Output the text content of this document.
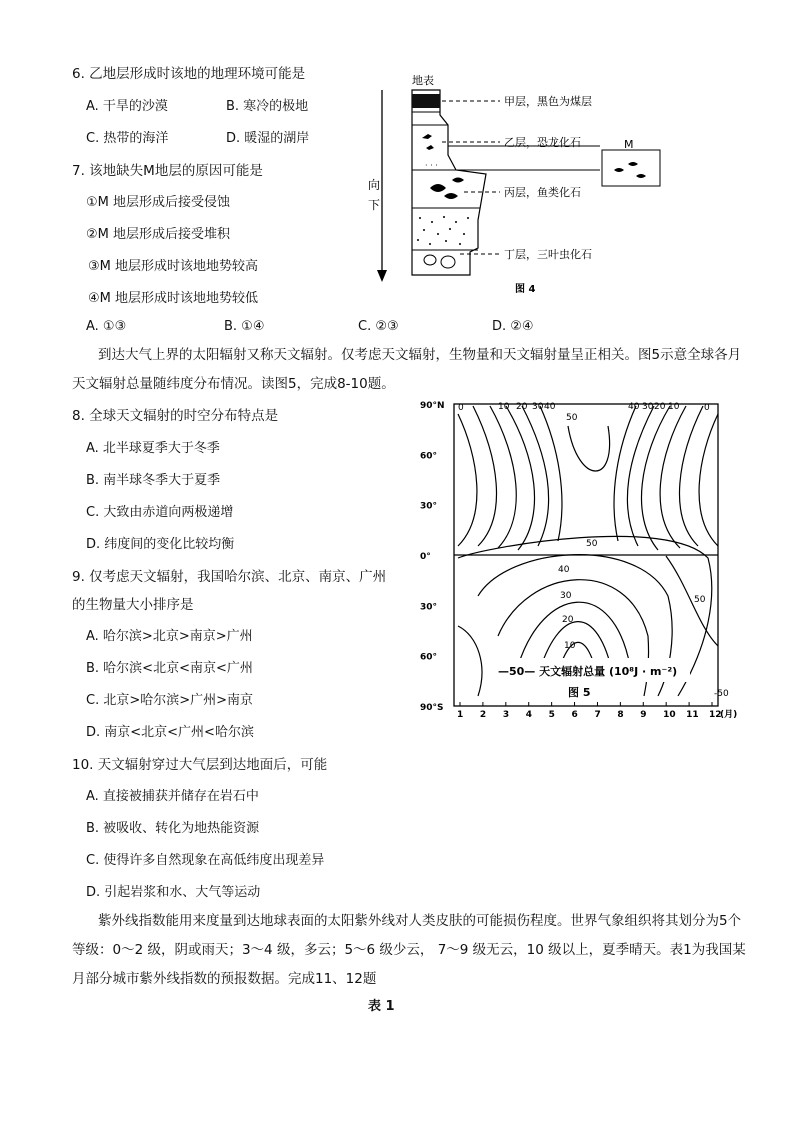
6. 乙地层形成时该地的地理环境可能是
A. 干旱的沙漠	B. 寒冷的极地
C. 热带的海洋	D. 暖湿的湖岸
7. 该地缺失M地层的原因可能是
①M 地层形成后接受侵蚀
②M 地层形成后接受堆积
③M 地层形成时该地地势较高
④M 地层形成时该地地势较低
A. ①③	B. ①④	C. ②③	D. ②④
地表
向
下
· · ·
甲层，黑色为煤层
乙层，恐龙化石
丙层，鱼类化石
丁层，三叶虫化石
M
图 4
到达大气上界的太阳辐射又称天文辐射。仅考虑天文辐射，生物量和天文辐射量呈正相关。图5示意全球各月天文辐射总量随纬度分布情况。读图5，完成8-10题。
8. 全球天文辐射的时空分布特点是
A. 北半球夏季大于冬季
B. 南半球冬季大于夏季
C. 大致由赤道向两极递增
D. 纬度间的变化比较均衡
9. 仅考虑天文辐射，我国哈尔滨、北京、南京、广州
的生物量大小排序是
A. 哈尔滨>北京>南京>广州
B. 哈尔滨<北京<南京<广州
C. 北京>哈尔滨>广州>南京
D. 南京<北京<广州<哈尔滨
90°N
60°
30°
0°
30°
60°
90°S
1 2 3 4 5 6 7 8 9 10 11 12
(月)
0	10 20 30 40
50
40 30 20 10	0
50
40
30
20
10
50
-50
—50— 天文辐射总量 (10⁸J · m⁻²)
图 5
10. 天文辐射穿过大气层到达地面后，可能
A. 直接被捕获并储存在岩石中
B. 被吸收、转化为地热能资源
C. 使得许多自然现象在高低纬度出现差异
D. 引起岩浆和水、大气等运动
紫外线指数能用来度量到达地球表面的太阳紫外线对人类皮肤的可能损伤程度。世界气象组织将其划分为5个等级：0～2 级，阴或雨天；3～4 级，多云；5～6 级少云， 7～9 级无云，10 级以上，夏季晴天。表1为我国某月部分城市紫外线指数的预报数据。完成11、12题
表 1
